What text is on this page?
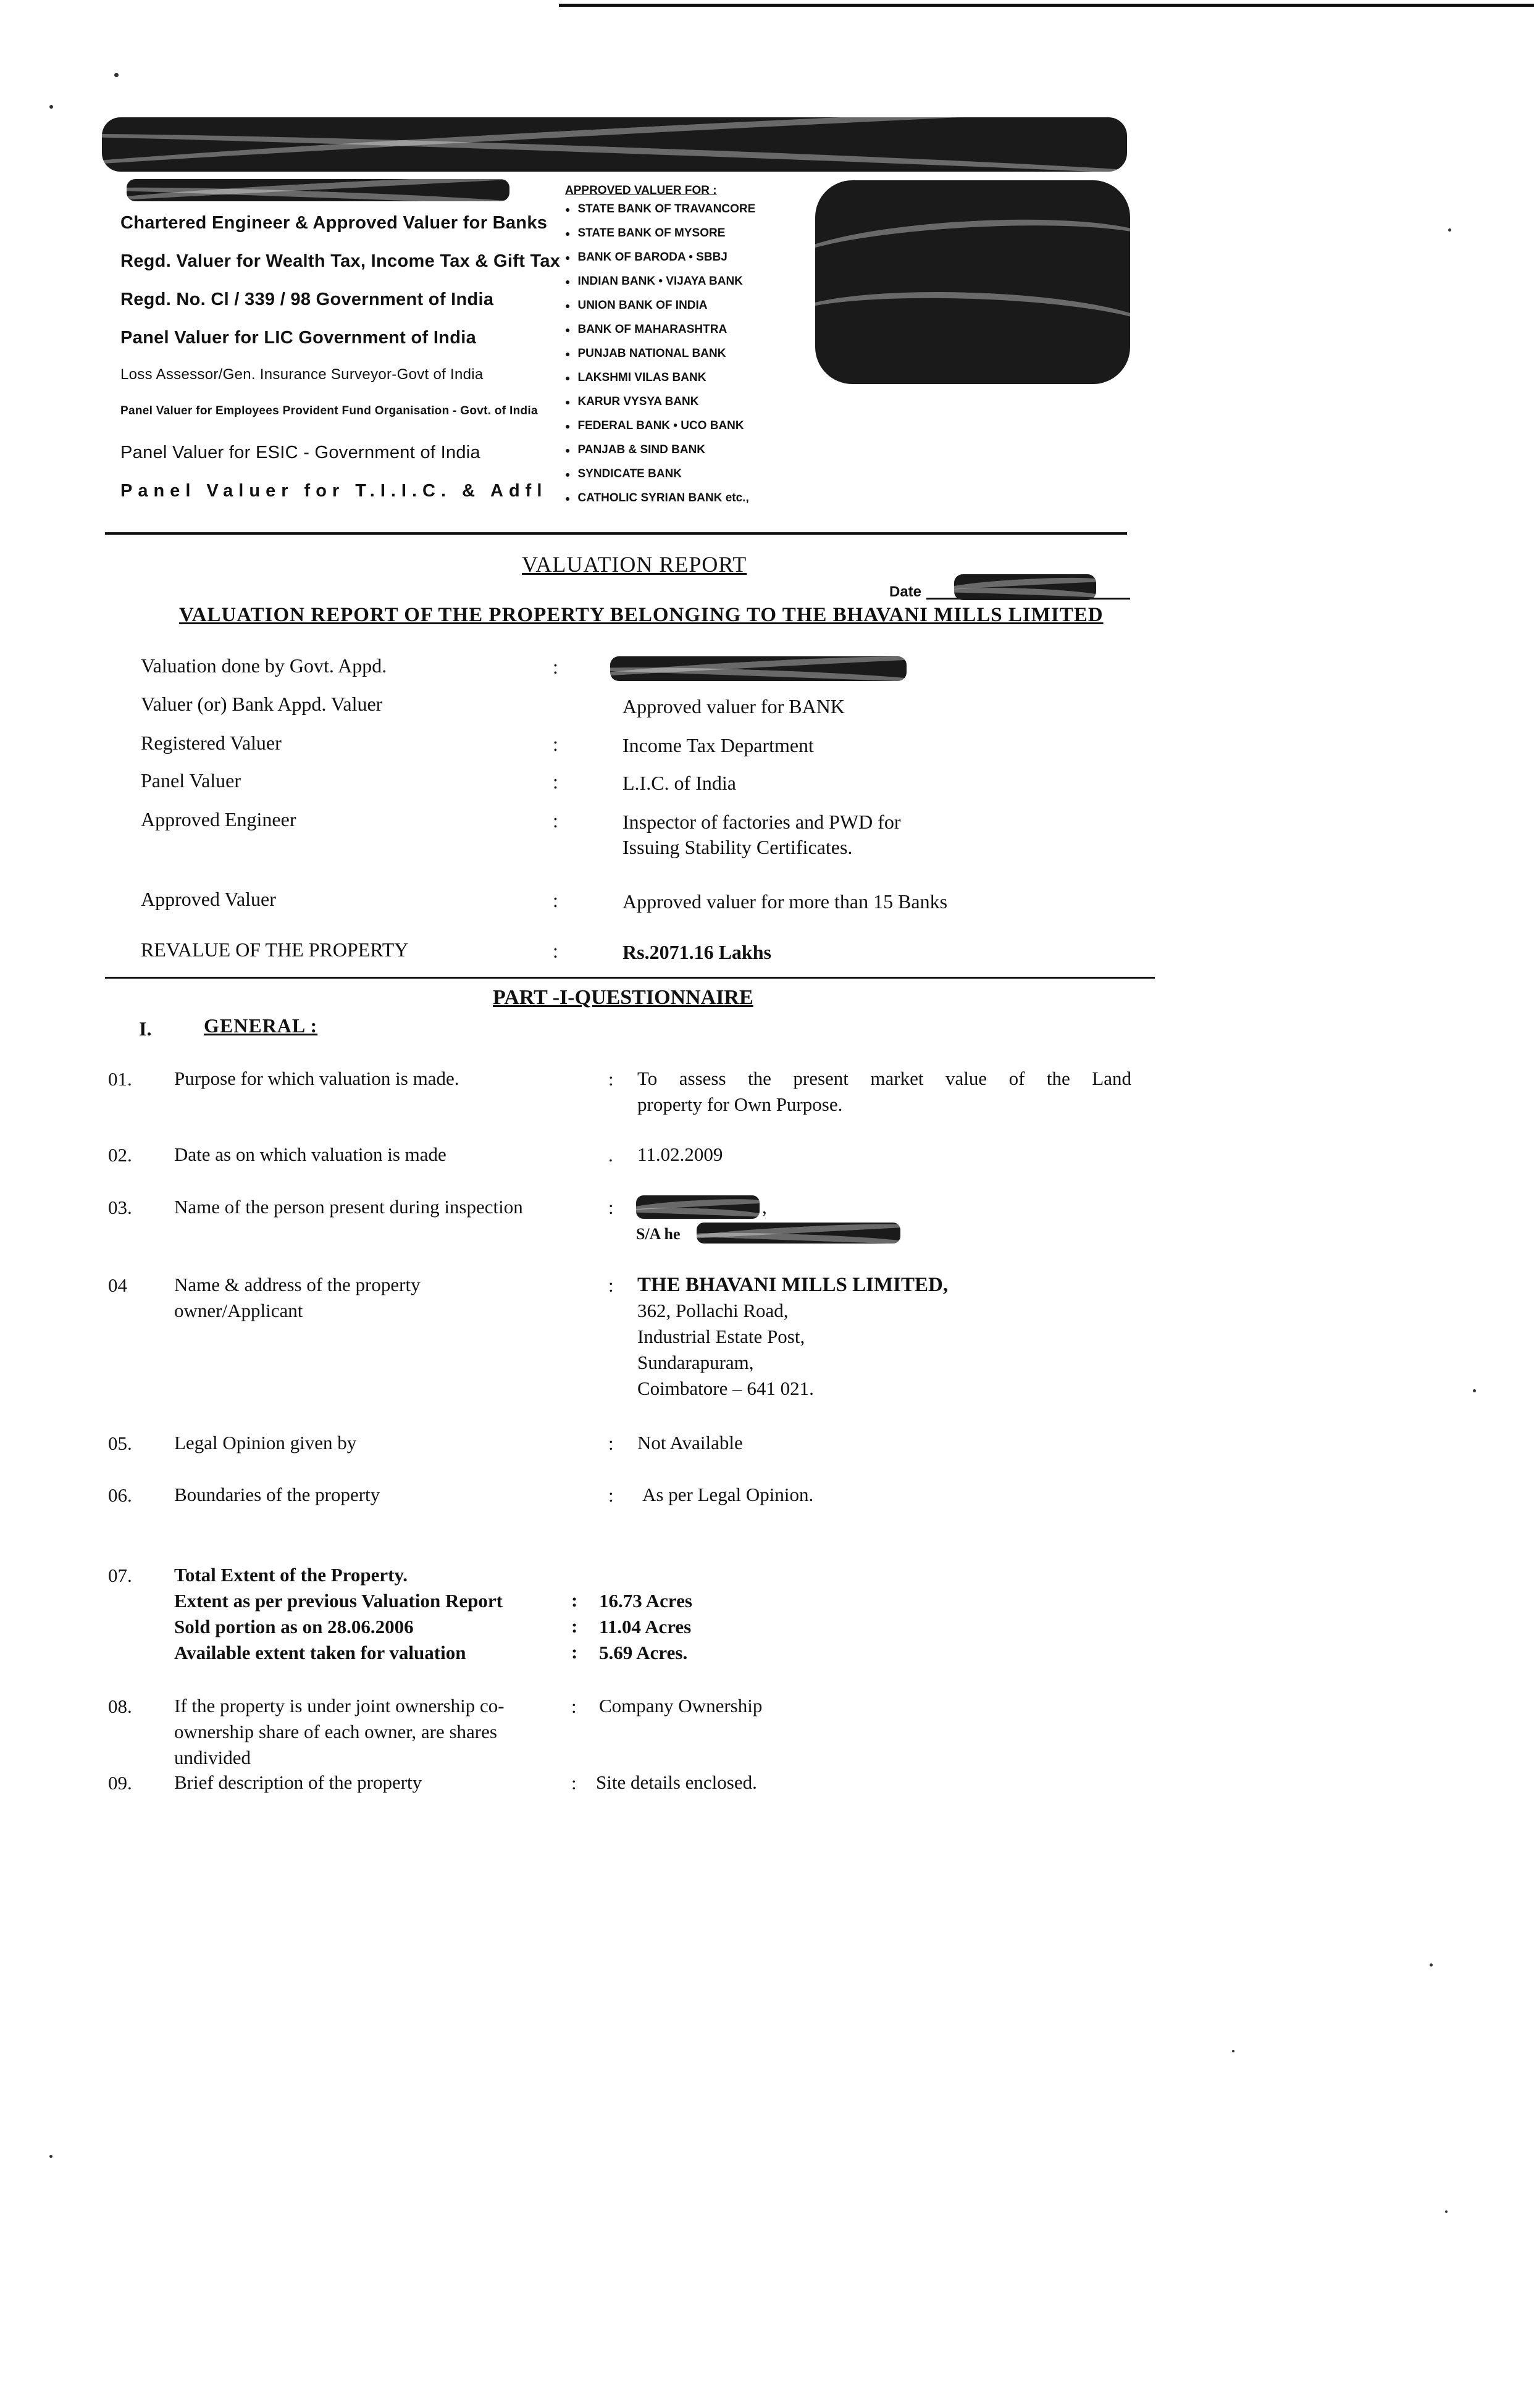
Chartered Engineer & Approved Valuer for Banks
Regd. Valuer for Wealth Tax, Income Tax & Gift Tax
Regd. No. Cl / 339 / 98 Government of India
Panel Valuer for LIC Government of India
Loss Assessor/Gen. Insurance Surveyor-Govt of India
Panel Valuer for Employees Provident Fund Organisation - Govt. of India
Panel Valuer for ESIC - Government of India
Panel Valuer for T.I.I.C. & Adfl
APPROVED VALUER FOR :
● STATE BANK OF TRAVANCORE
● STATE BANK OF MYSORE
● BANK OF BARODA • SBBJ
● INDIAN BANK • VIJAYA BANK
● UNION BANK OF INDIA
● BANK OF MAHARASHTRA
● PUNJAB NATIONAL BANK
● LAKSHMI VILAS BANK
● KARUR VYSYA BANK
● FEDERAL BANK • UCO BANK
● PANJAB & SIND BANK
● SYNDICATE BANK
● CATHOLIC SYRIAN BANK etc.,
VALUATION REPORT
Date
VALUATION REPORT OF THE PROPERTY BELONGING TO THE BHAVANI MILLS LIMITED
Valuation done by Govt. Appd.	:
Valuer (or) Bank Appd. Valuer	Approved valuer for BANK
Registered Valuer	:	Income Tax Department
Panel Valuer	:	L.I.C. of India
Approved Engineer	:	Inspector of factories and PWD for
Issuing Stability Certificates.
Approved Valuer	:	Approved valuer for more than 15 Banks
REVALUE OF THE PROPERTY	:	Rs.2071.16 Lakhs
PART -I-QUESTIONNAIRE
I.	GENERAL :
01. Purpose for which valuation is made.	: To assess the present market value of the Land
property for Own Purpose.
02. Date as on which valuation is made	. 11.02.2009
03. Name of the person present during inspection	:	,
S/A he
04 Name & address of the property
owner/Applicant
: THE BHAVANI MILLS LIMITED,
362, Pollachi Road,
Industrial Estate Post,
Sundarapuram,
Coimbatore – 641 021.
05. Legal Opinion given by	: Not Available
06. Boundaries of the property	: As per Legal Opinion.
07. Total Extent of the Property.
Extent as per previous Valuation Report	: 16.73 Acres
Sold portion as on 28.06.2006	: 11.04 Acres
Available extent taken for valuation	: 5.69 Acres.
08. If the property is under joint ownership co-
ownership share of each owner, are shares
undivided
: Company Ownership
09. Brief description of the property	: Site details enclosed.
